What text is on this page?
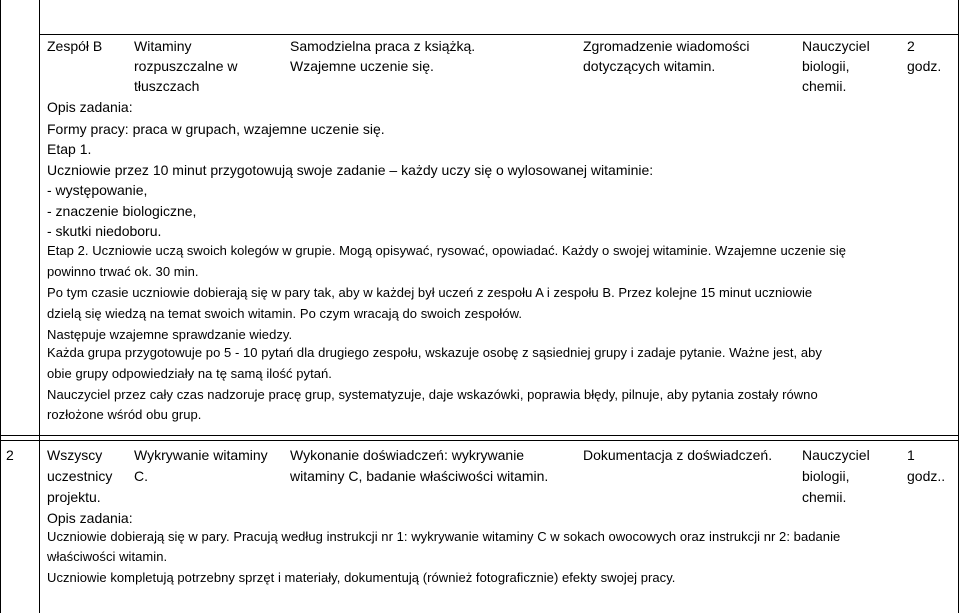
Zespół B Witaminy
rozpuszczalne w
tłuszczach
Samodzielna praca z książką.
Wzajemne uczenie się.
Zgromadzenie wiadomości
dotyczących witamin.
Nauczyciel
biologii,
chemii.
2
godz.
Opis zadania:
Formy pracy: praca w grupach, wzajemne uczenie się.
Etap 1.
Uczniowie przez 10 minut przygotowują swoje zadanie – każdy uczy się o wylosowanej witaminie:
- występowanie,
- znaczenie biologiczne,
- skutki niedoboru.
Etap 2. Uczniowie uczą swoich kolegów w grupie. Mogą opisywać, rysować, opowiadać. Każdy o swojej witaminie. Wzajemne uczenie się
powinno trwać ok. 30 min.
Po tym czasie uczniowie dobierają się w pary tak, aby w każdej był uczeń z zespołu A i zespołu B. Przez kolejne 15 minut uczniowie
dzielą się wiedzą na temat swoich witamin. Po czym wracają do swoich zespołów.
Następuje wzajemne sprawdzanie wiedzy.
Każda grupa przygotowuje po 5 - 10 pytań dla drugiego zespołu, wskazuje osobę z sąsiedniej grupy i zadaje pytanie. Ważne jest, aby
obie grupy odpowiedziały na tę samą ilość pytań.
Nauczyciel przez cały czas nadzoruje pracę grup, systematyzuje, daje wskazówki, poprawia błędy, pilnuje, aby pytania zostały równo
rozłożone wśród obu grup.
2 Wszyscy
uczestnicy
projektu.
Wykrywanie witaminy
C.
Wykonanie doświadczeń: wykrywanie
witaminy C, badanie właściwości witamin.
Dokumentacja z doświadczeń. Nauczyciel
biologii,
chemii.
1
godz..
Opis zadania:
Uczniowie dobierają się w pary. Pracują według instrukcji nr 1: wykrywanie witaminy C w sokach owocowych oraz instrukcji nr 2: badanie
właściwości witamin.
Uczniowie kompletują potrzebny sprzęt i materiały, dokumentują (również fotograficznie) efekty swojej pracy.
